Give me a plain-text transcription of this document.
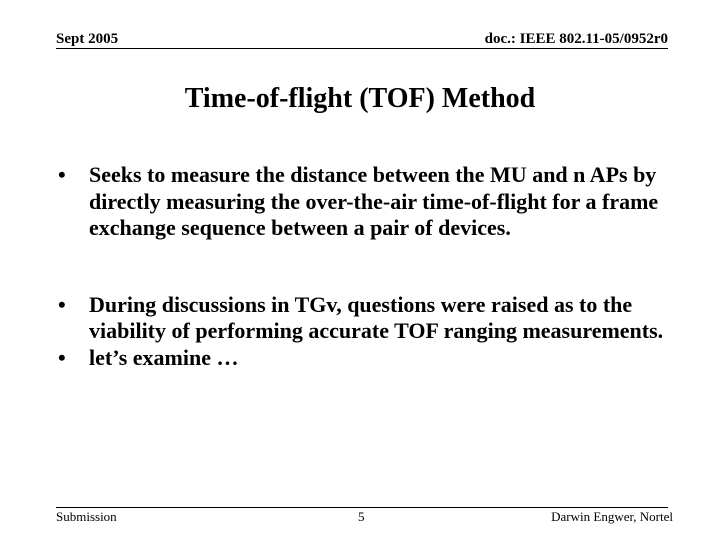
Sept 2005	doc.: IEEE 802.11-05/0952r0
Time-of-flight (TOF) Method
• Seeks to measure the distance between the MU and n APs by directly measuring the over-the-air time-of-flight for a frame exchange sequence between a pair of devices.
• During discussions in TGv, questions were raised as to the viability of performing accurate TOF ranging measurements.
• let’s examine …
Submission	5	Darwin Engwer, Nortel
